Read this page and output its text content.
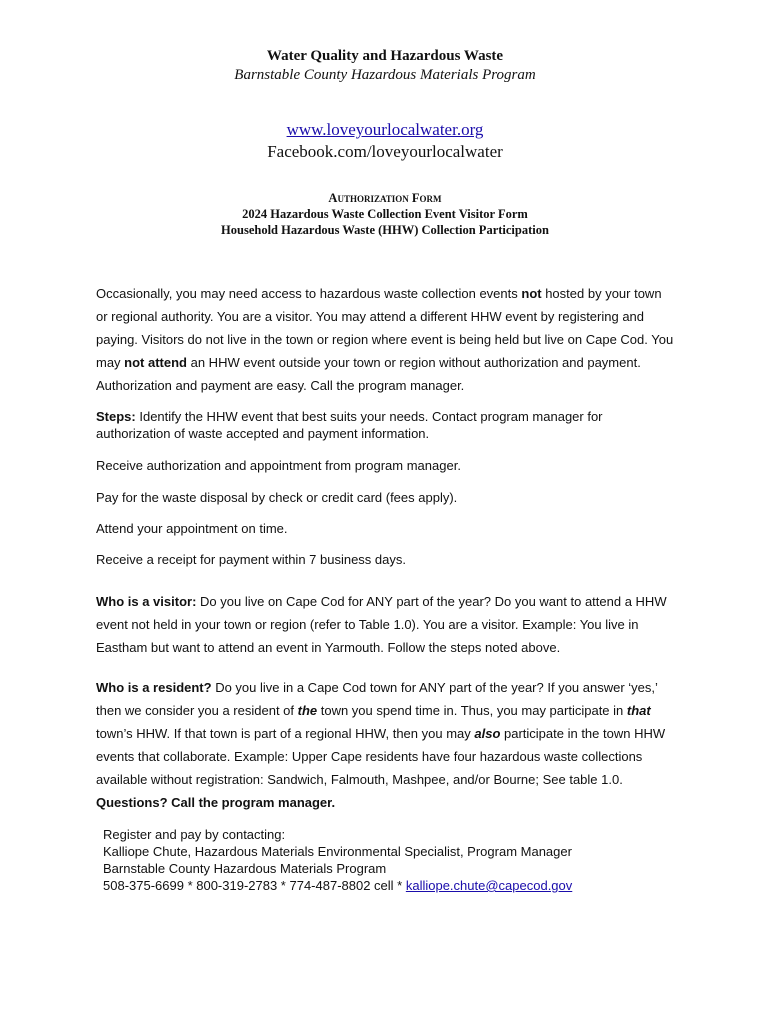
Water Quality and Hazardous Waste
Barnstable County Hazardous Materials Program
www.loveyourlocalwater.org
Facebook.com/loveyourlocalwater
Authorization Form
2024 Hazardous Waste Collection Event Visitor Form
Household Hazardous Waste (HHW) Collection Participation
Occasionally, you may need access to hazardous waste collection events not hosted by your town or regional authority. You are a visitor. You may attend a different HHW event by registering and paying. Visitors do not live in the town or region where event is being held but live on Cape Cod. You may not attend an HHW event outside your town or region without authorization and payment. Authorization and payment are easy. Call the program manager.
Steps: Identify the HHW event that best suits your needs. Contact program manager for authorization of waste accepted and payment information.
Receive authorization and appointment from program manager.
Pay for the waste disposal by check or credit card (fees apply).
Attend your appointment on time.
Receive a receipt for payment within 7 business days.
Who is a visitor: Do you live on Cape Cod for ANY part of the year? Do you want to attend a HHW event not held in your town or region (refer to Table 1.0). You are a visitor. Example: You live in Eastham but want to attend an event in Yarmouth. Follow the steps noted above.
Who is a resident? Do you live in a Cape Cod town for ANY part of the year? If you answer ‘yes,’ then we consider you a resident of the town you spend time in. Thus, you may participate in that town’s HHW. If that town is part of a regional HHW, then you may also participate in the town HHW events that collaborate. Example: Upper Cape residents have four hazardous waste collections available without registration: Sandwich, Falmouth, Mashpee, and/or Bourne; See table 1.0. Questions? Call the program manager.
Register and pay by contacting:
Kalliope Chute, Hazardous Materials Environmental Specialist, Program Manager
Barnstable County Hazardous Materials Program
508-375-6699 * 800-319-2783 * 774-487-8802 cell * kalliope.chute@capecod.gov
